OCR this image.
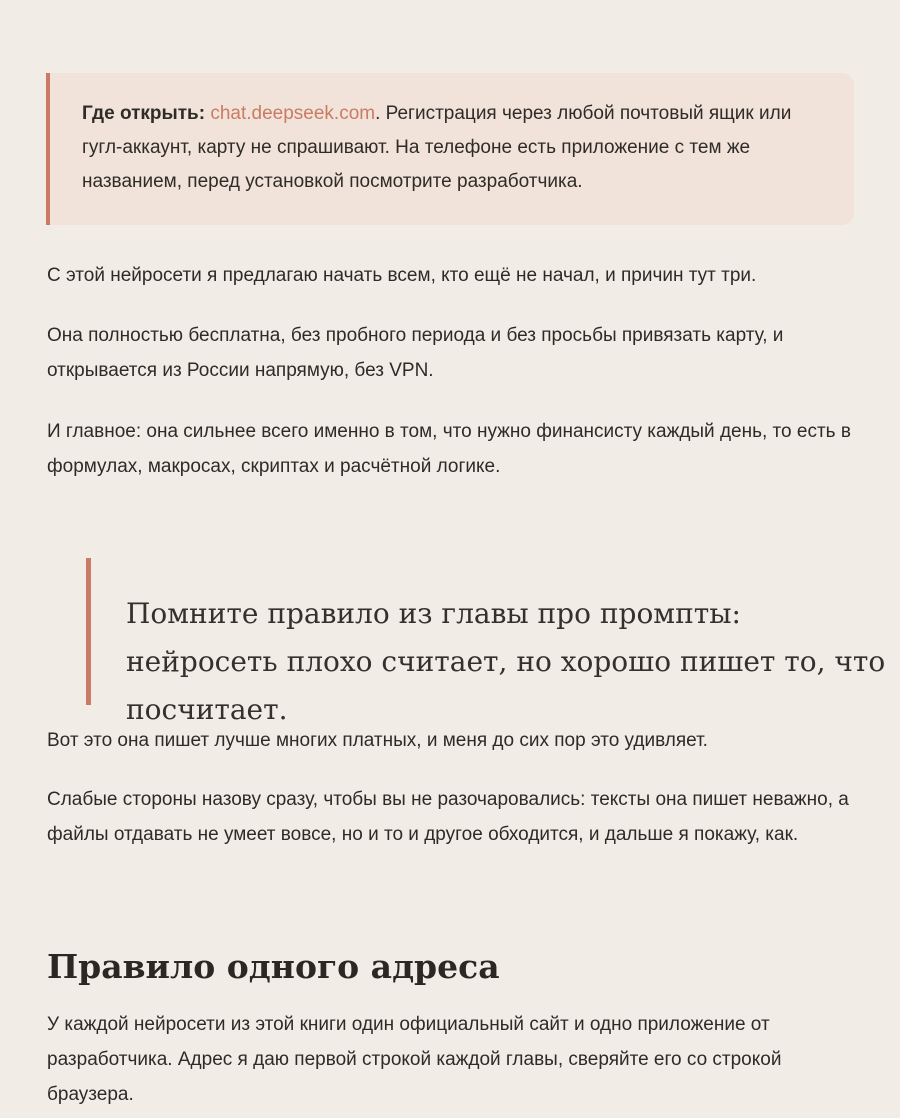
Где открыть: chat.deepseek.com. Регистрация через любой почтовый ящик или гугл-аккаунт, карту не спрашивают. На телефоне есть приложение с тем же названием, перед установкой посмотрите разработчика.

С этой нейросети я предлагаю начать всем, кто ещё не начал, и причин тут три.

Она полностью бесплатна, без пробного периода и без просьбы привязать карту, и открывается из России напрямую, без VPN.

И главное: она сильнее всего именно в том, что нужно финансисту каждый день, то есть в формулах, макросах, скриптах и расчётной логике.

Помните правило из главы про промпты: нейросеть плохо считает, но хорошо пишет то, что посчитает.

Вот это она пишет лучше многих платных, и меня до сих пор это удивляет.

Слабые стороны назову сразу, чтобы вы не разочаровались: тексты она пишет неважно, а файлы отдавать не умеет вовсе, но и то и другое обходится, и дальше я покажу, как.

Правило одного адреса

У каждой нейросети из этой книги один официальный сайт и одно приложение от разработчика. Адрес я даю первой строкой каждой главы, сверяйте его со строкой браузера.
